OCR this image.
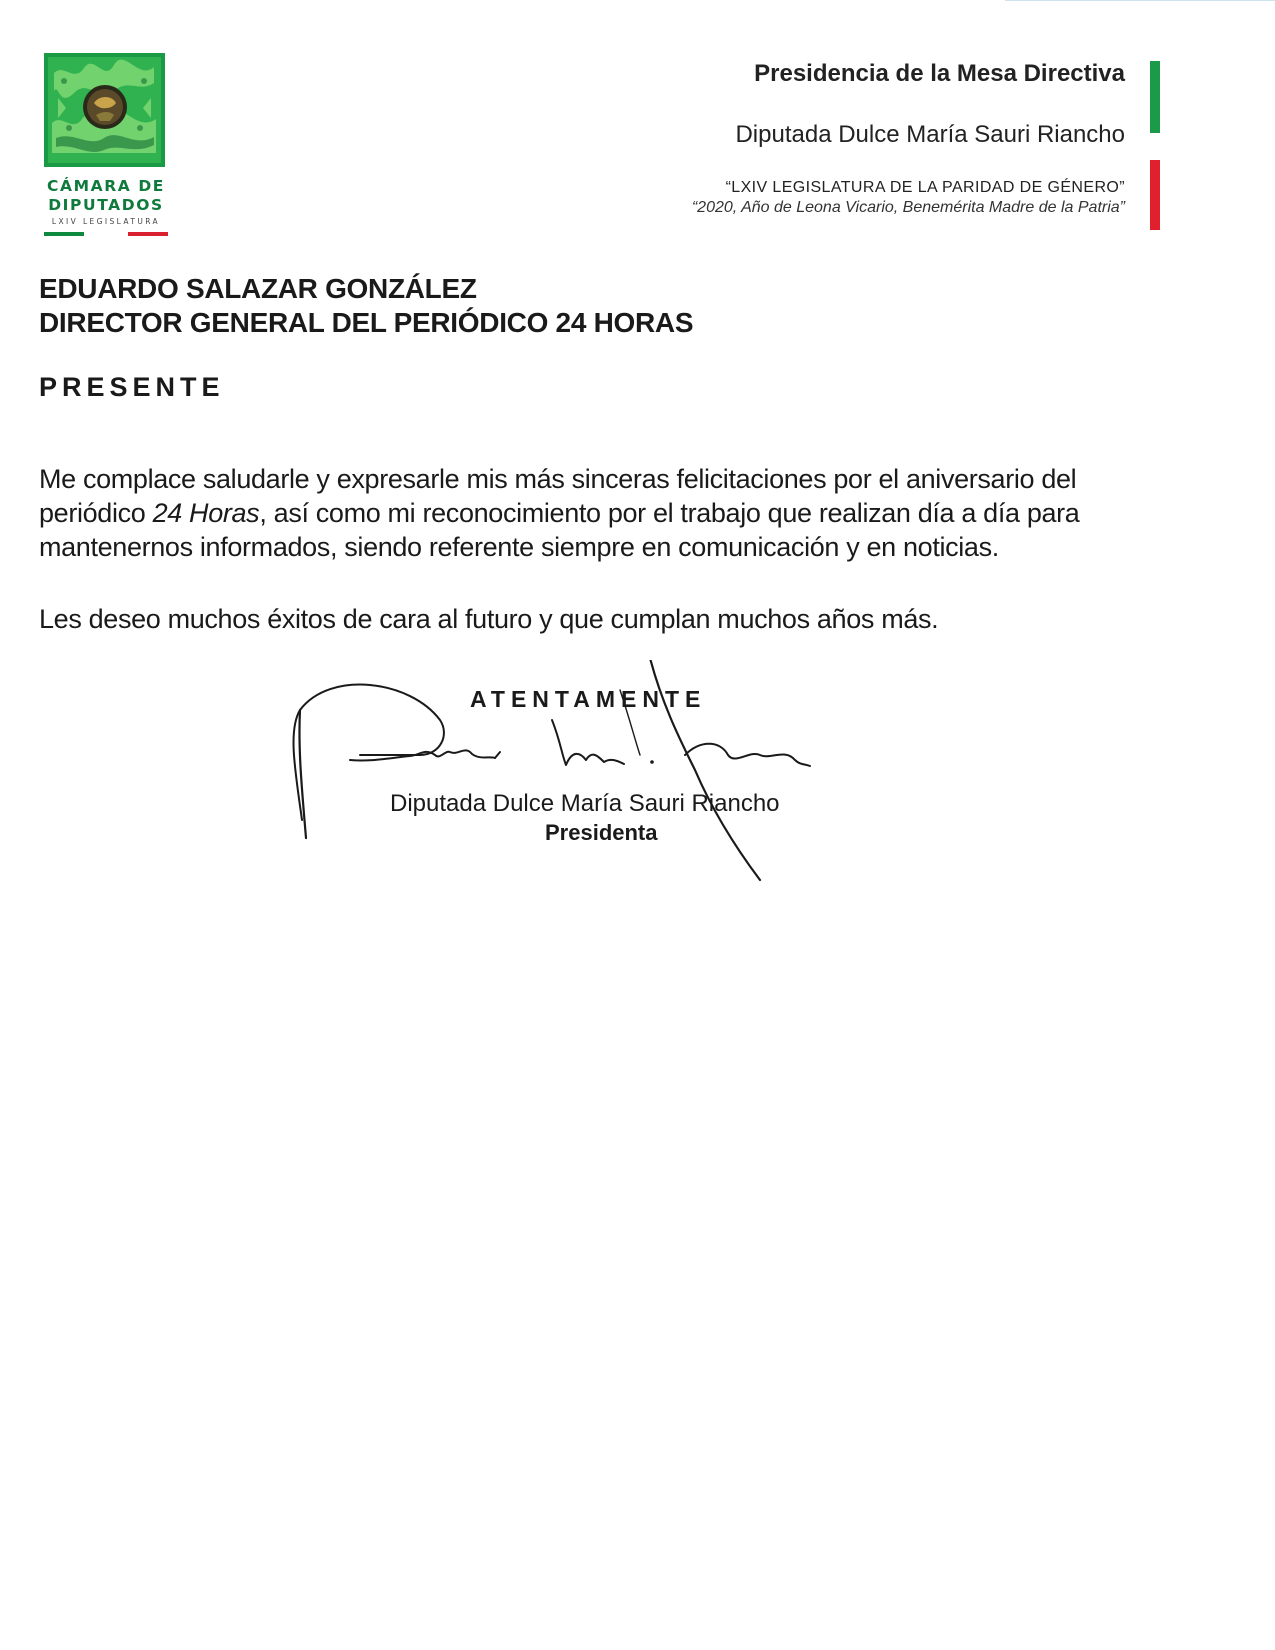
CÁMARA DE
DIPUTADOS
LXIV LEGISLATURA
Presidencia de la Mesa Directiva
Diputada Dulce María Sauri Riancho
“LXIV LEGISLATURA DE LA PARIDAD DE GÉNERO”
“2020, Año de Leona Vicario, Benemérita Madre de la Patria”
EDUARDO SALAZAR GONZÁLEZ
DIRECTOR GENERAL DEL PERIÓDICO 24 HORAS
PRESENTE

Me complace saludarle y expresarle mis más sinceras felicitaciones por el aniversario del periódico 24 Horas, así como mi reconocimiento por el trabajo que realizan día a día para mantenernos informados, siendo referente siempre en comunicación y en noticias.

Les deseo muchos éxitos de cara al futuro y que cumplan muchos años más.

ATENTAMENTE
Diputada Dulce María Sauri Riancho
Presidenta
